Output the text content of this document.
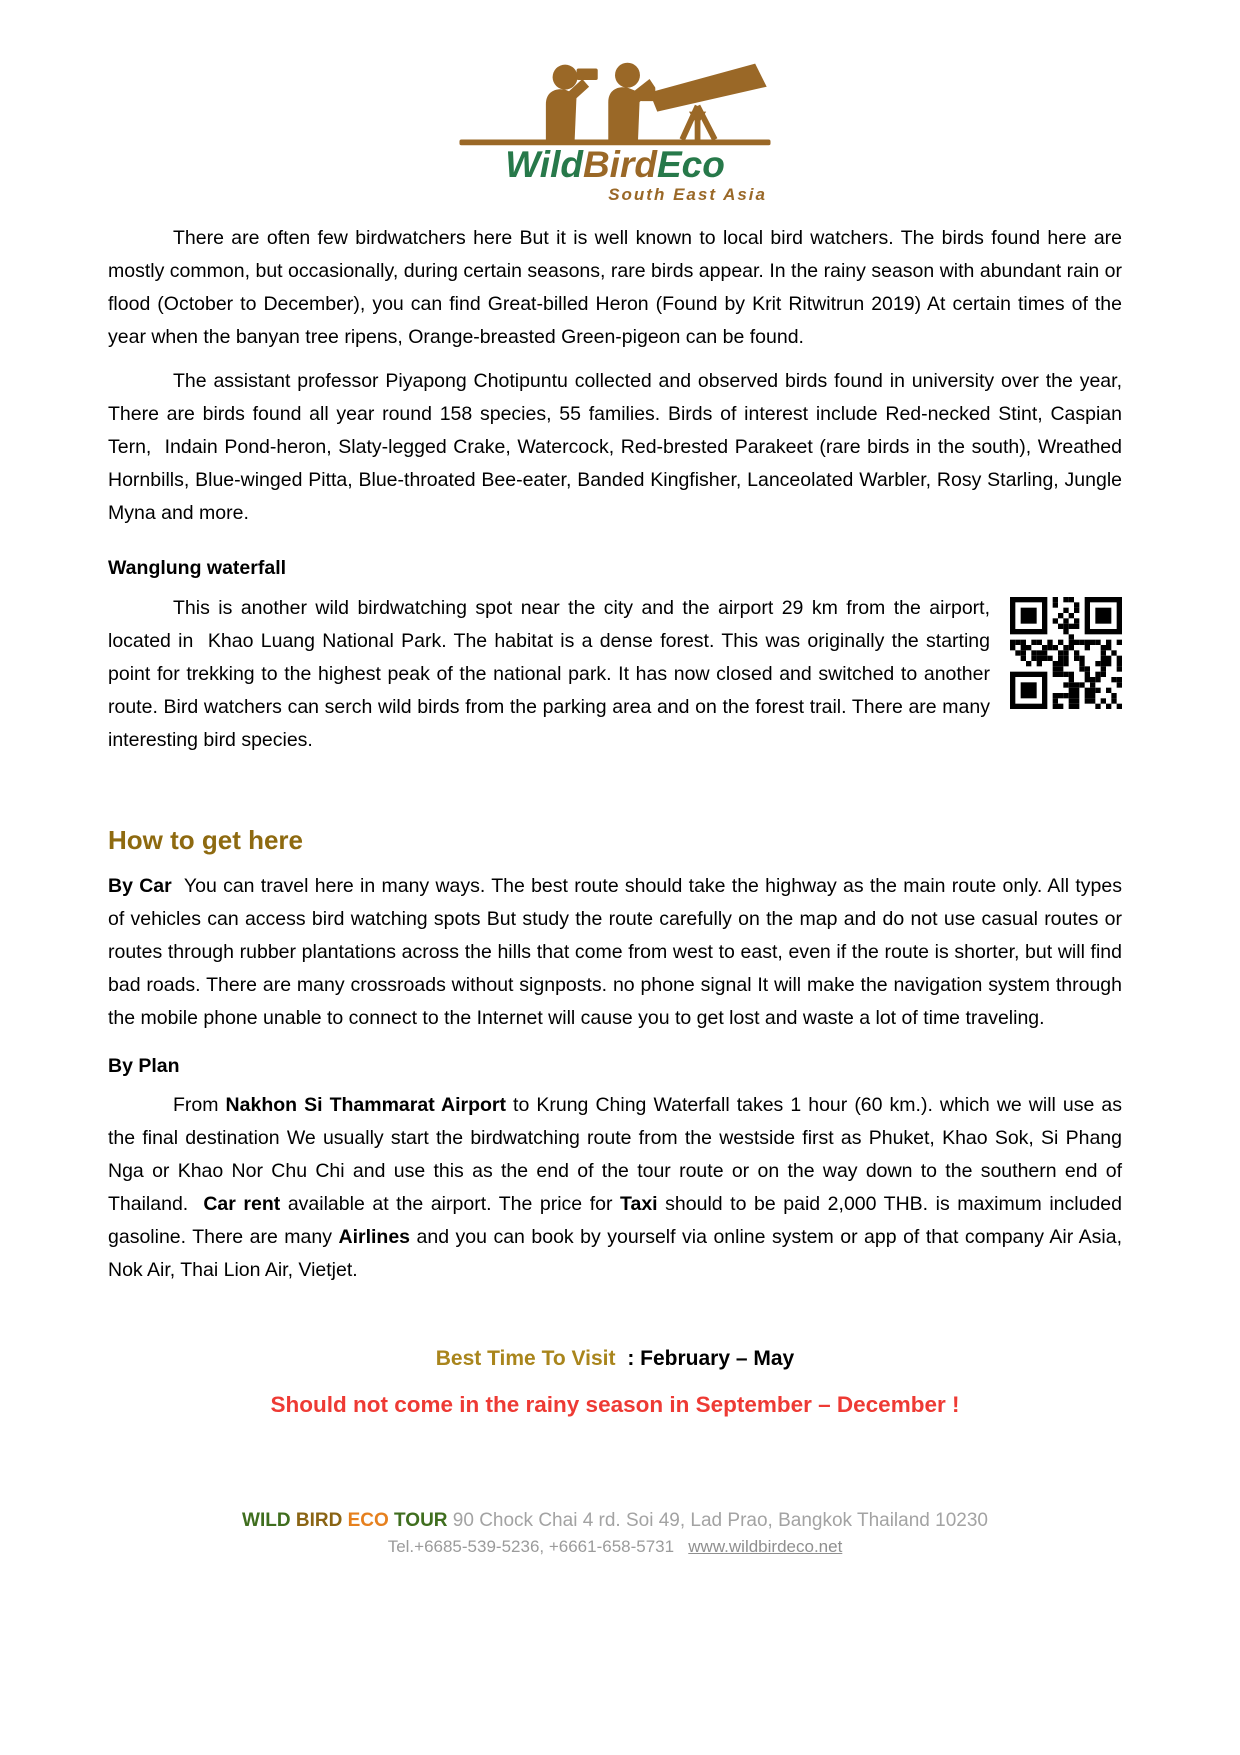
WildBirdEco
South East Asia

There are often few birdwatchers here But it is well known to local bird watchers. The birds found here are mostly common, but occasionally, during certain seasons, rare birds appear. In the rainy season with abundant rain or flood (October to December), you can find Great-billed Heron (Found by Krit Ritwitrun 2019) At certain times of the year when the banyan tree ripens, Orange-breasted Green-pigeon can be found.

The assistant professor Piyapong Chotipuntu collected and observed birds found in university over the year, There are birds found all year round 158 species, 55 families. Birds of interest include Red-necked Stint, Caspian Tern,  Indain Pond-heron, Slaty-legged Crake, Watercock, Red-brested Parakeet (rare birds in the south), Wreathed Hornbills, Blue-winged Pitta, Blue-throated Bee-eater, Banded Kingfisher, Lanceolated Warbler, Rosy Starling, Jungle Myna and more.

Wanglung waterfall

This is another wild birdwatching spot near the city and the airport 29 km from the airport, located in  Khao Luang National Park. The habitat is a dense forest. This was originally the starting point for trekking to the highest peak of the national park. It has now closed and switched to another route. Bird watchers can serch wild birds from the parking area and on the forest trail. There are many interesting bird species.

How to get here

By Car  You can travel here in many ways. The best route should take the highway as the main route only. All types of vehicles can access bird watching spots But study the route carefully on the map and do not use casual routes or routes through rubber plantations across the hills that come from west to east, even if the route is shorter, but will find bad roads. There are many crossroads without signposts. no phone signal It will make the navigation system through the mobile phone unable to connect to the Internet will cause you to get lost and waste a lot of time traveling.

By Plan

From Nakhon Si Thammarat Airport to Krung Ching Waterfall takes 1 hour (60 km.). which we will use as the final destination We usually start the birdwatching route from the westside first as Phuket, Khao Sok, Si Phang Nga or Khao Nor Chu Chi and use this as the end of the tour route or on the way down to the southern end of Thailand.  Car rent available at the airport. The price for Taxi should to be paid 2,000 THB. is maximum included gasoline. There are many Airlines and you can book by yourself via online system or app of that company Air Asia, Nok Air, Thai Lion Air, Vietjet.

Best Time To Visit : February – May

Should not come in the rainy season in September – December !

WILD BIRD ECO TOUR 90 Chock Chai 4 rd. Soi 49, Lad Prao, Bangkok Thailand 10230
Tel.+6685-539-5236, +6661-658-5731 www.wildbirdeco.net
